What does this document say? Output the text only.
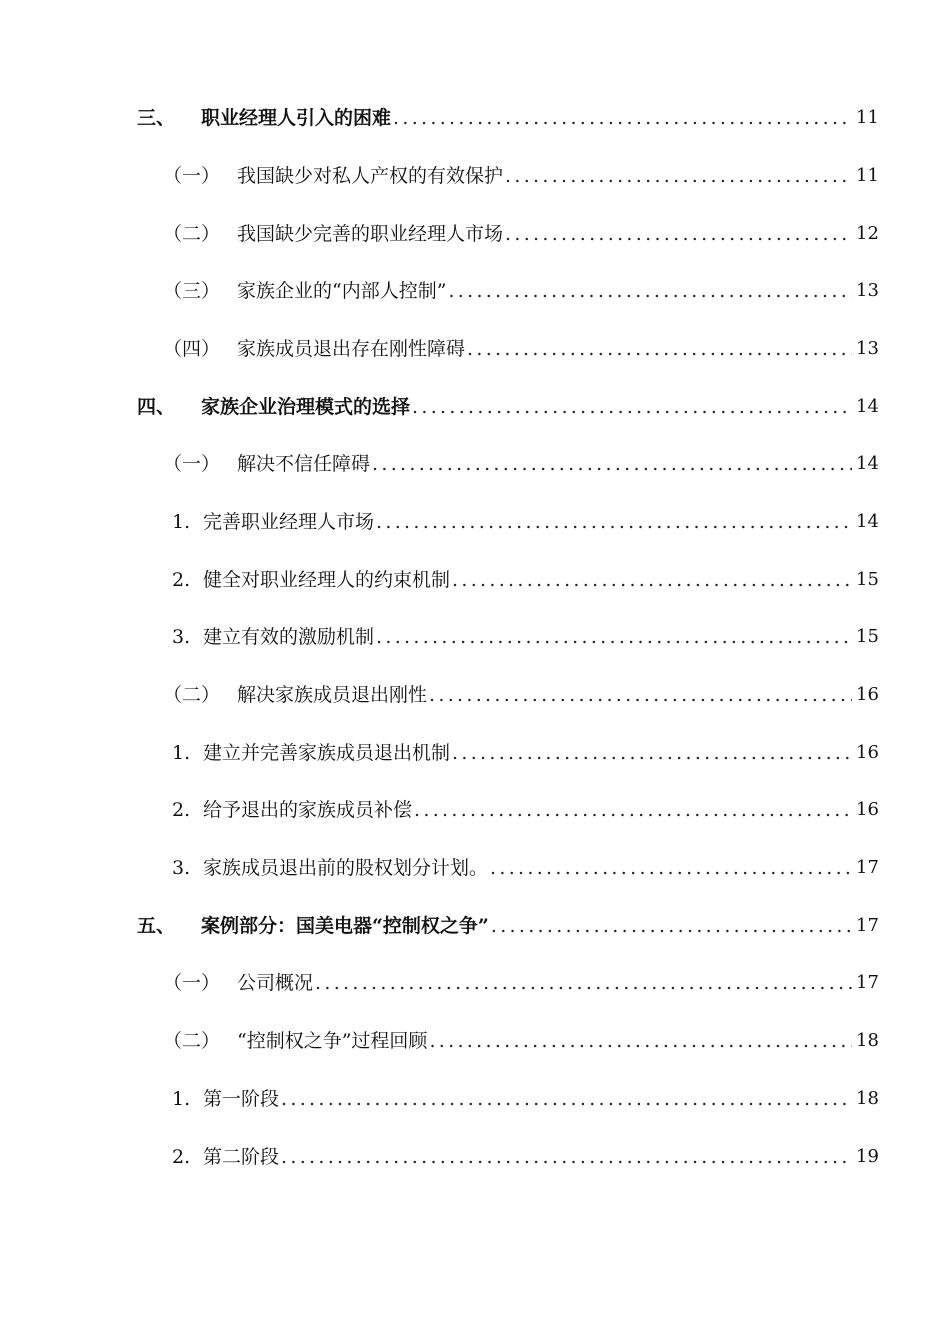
三、	职业经理人引入的困难 .....	11
（一） 我国缺少对私人产权的有效保护 .....	11
（二） 我国缺少完善的职业经理人市场 .....	12
（三） 家族企业的“内部人控制” .....	13
（四） 家族成员退出存在刚性障碍 .....	13
四、	家族企业治理模式的选择 .....	14
（一） 解决不信任障碍 .....	14
1. 完善职业经理人市场 .....	14
2. 健全对职业经理人的约束机制 .....	15
3. 建立有效的激励机制 .....	15
（二） 解决家族成员退出刚性 .....	16
1. 建立并完善家族成员退出机制 .....	16
2. 给予退出的家族成员补偿 .....	16
3. 家族成员退出前的股权划分计划。 .....	17
五、	案例部分：国美电器“控制权之争” .....	17
（一） 公司概况 .....	17
（二） “控制权之争”过程回顾 .....	18
1. 第一阶段 .....	18
2. 第二阶段 .....	19
